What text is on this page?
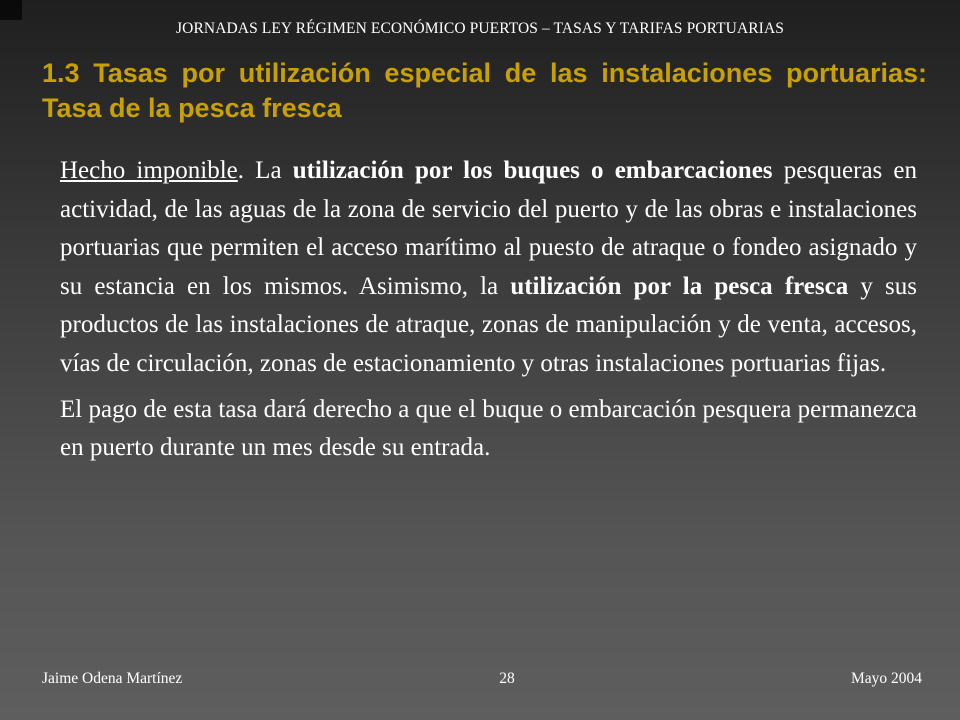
JORNADAS LEY RÉGIMEN ECONÓMICO PUERTOS – TASAS Y TARIFAS PORTUARIAS
1.3 Tasas por utilización especial de las instalaciones portuarias: Tasa de la pesca fresca

Hecho imponible. La utilización por los buques o embarcaciones pesqueras en actividad, de las aguas de la zona de servicio del puerto y de las obras e instalaciones portuarias que permiten el acceso marítimo al puesto de atraque o fondeo asignado y su estancia en los mismos. Asimismo, la utilización por la pesca fresca y sus productos de las instalaciones de atraque, zonas de manipulación y de venta, accesos, vías de circulación, zonas de estacionamiento y otras instalaciones portuarias fijas.

El pago de esta tasa dará derecho a que el buque o embarcación pesquera permanezca en puerto durante un mes desde su entrada.

Jaime Odena Martínez	28	Mayo 2004
